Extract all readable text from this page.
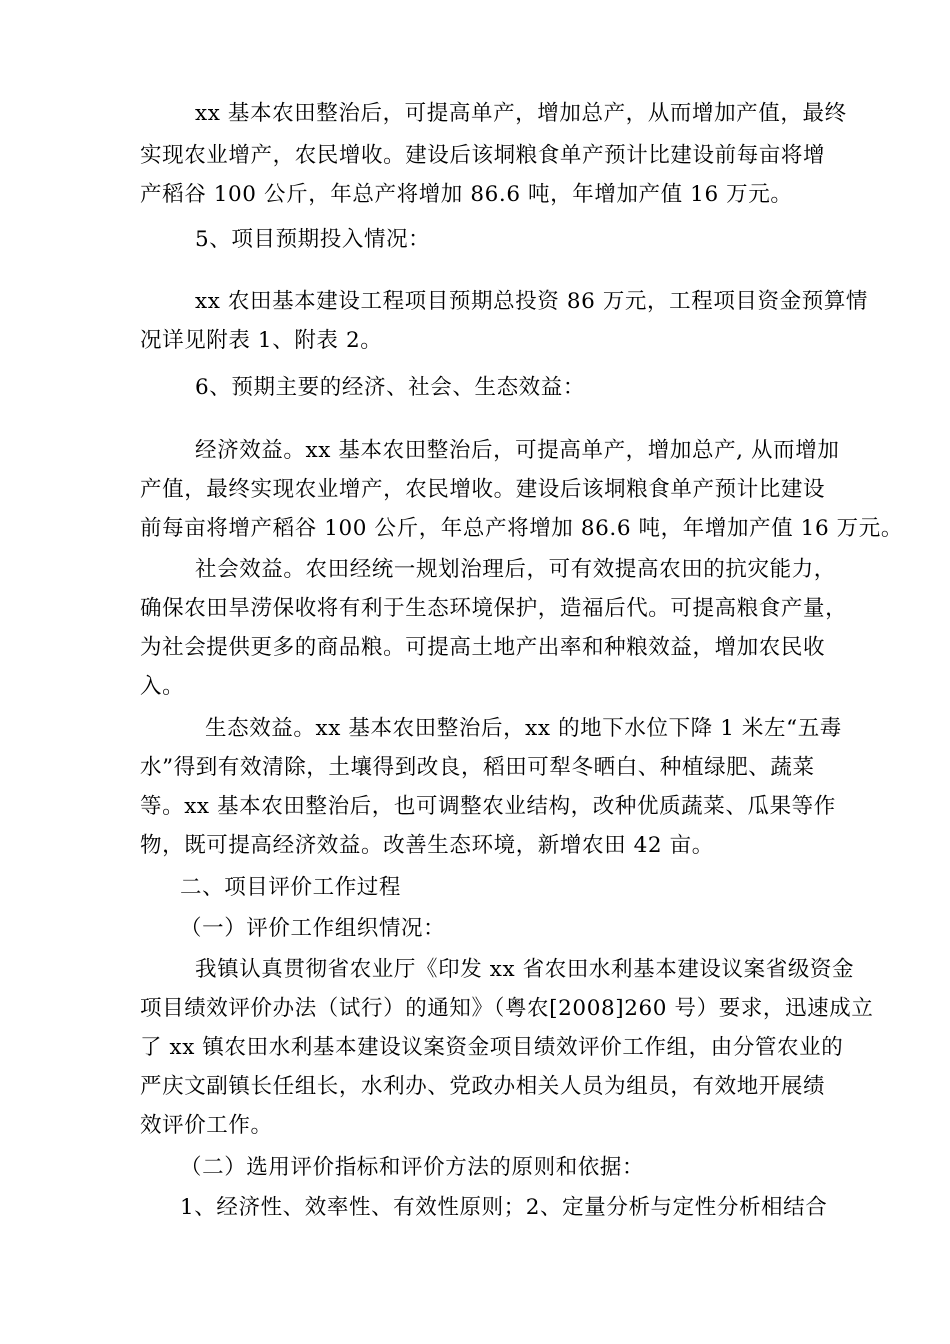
xx 基本农田整治后，可提高单产，增加总产，从而增加产值，最终
实现农业增产，农民增收。建设后该垌粮食单产预计比建设前每亩将增
产稻谷 100 公斤，年总产将增加 86.6 吨，年增加产值 16 万元。
5、项目预期投入情况：
xx 农田基本建设工程项目预期总投资 86 万元，工程项目资金预算情
况详见附表 1、附表 2。
6、预期主要的经济、社会、生态效益：
经济效益。xx 基本农田整治后，可提高单产，增加总产, 从而增加
产值，最终实现农业增产，农民增收。建设后该垌粮食单产预计比建设
前每亩将增产稻谷 100 公斤，年总产将增加 86.6 吨，年增加产值 16 万元。
社会效益。农田经统一规划治理后，可有效提高农田的抗灾能力，
确保农田旱涝保收将有利于生态环境保护，造福后代。可提高粮食产量，
为社会提供更多的商品粮。可提高土地产出率和种粮效益，增加农民收
入。
生态效益。xx 基本农田整治后，xx 的地下水位下降 1 米左“五毒
水”得到有效清除，土壤得到改良，稻田可犁冬晒白、种植绿肥、蔬菜
等。xx 基本农田整治后，也可调整农业结构，改种优质蔬菜、瓜果等作
物，既可提高经济效益。改善生态环境，新增农田 42 亩。
二、项目评价工作过程
（一）评价工作组织情况：
我镇认真贯彻省农业厅《印发 xx 省农田水利基本建设议案省级资金
项目绩效评价办法（试行）的通知》（粤农[2008]260 号）要求，迅速成立
了 xx 镇农田水利基本建设议案资金项目绩效评价工作组，由分管农业的
严庆文副镇长任组长，水利办、党政办相关人员为组员，有效地开展绩
效评价工作。
（二）选用评价指标和评价方法的原则和依据：
1、经济性、效率性、有效性原则；2、定量分析与定性分析相结合
